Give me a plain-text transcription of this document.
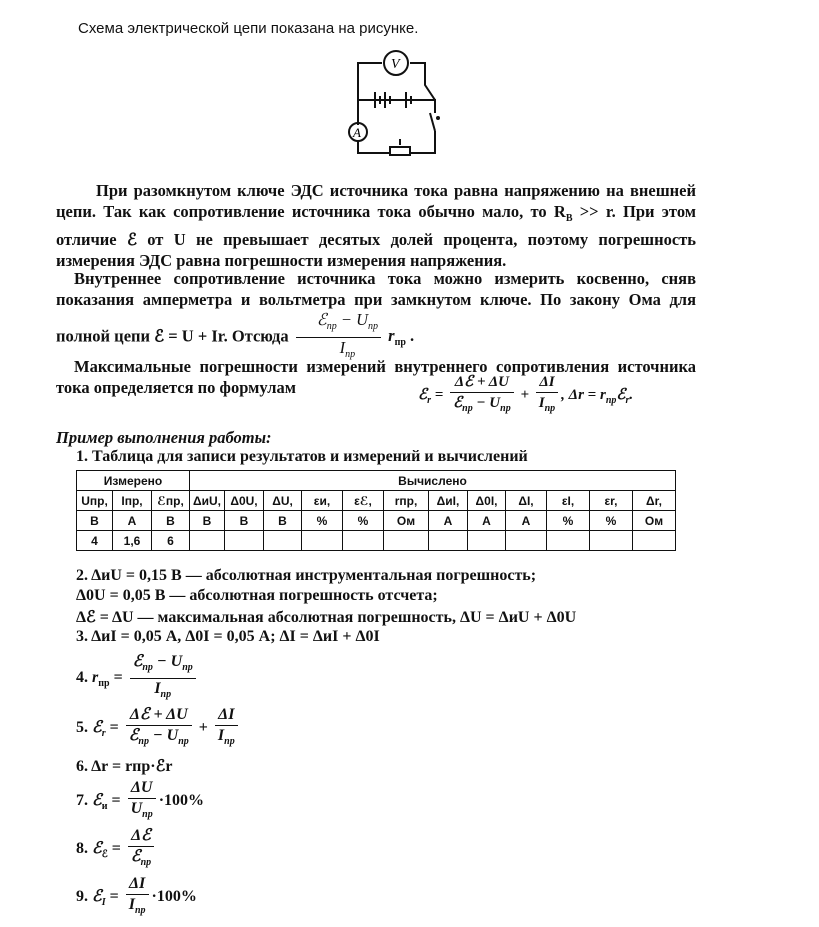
Схема электрической цепи показана на рисунке.
V
A
При разомкнутом ключе ЭДС источника тока равна напряжению на внешней цепи. Так как сопротивление источника тока обычно мало, то $R_В >> r$. При этом отличие ℰ от U не превышает десятых долей процента, поэтому погрешность измерения ЭДС равна погрешности измерения напряжения.
Внутреннее сопротивление источника тока можно измерить косвенно, сняв показания амперметра и вольтметра при замкнутом ключе. По закону Ома для полной цепи ℰ = U + Ir. Отсюда $\frac{ℰ_{пр} - U_{пр}}{I_{пр}} r_{пр}$ .
Максимальные погрешности измерений внутреннего сопротивления источника тока определяется по формулам	ℰ$_r$ = $\frac{\text{Δℰ + ΔU}}{ℰ_{пр} - U_{пр}} + \frac{\Delta I}{I_{пр}}$ , $\Delta r = r_{пр}ℰ_r$.
Пример выполнения работы:
1. Таблица для записи результатов и измерений и вычислений
Измерено			Вычислено											
Uпр,	Iпр,	ℰпр,	ΔиU,	Δ0U,	ΔU,	εи,	εℰ,	rпр,	ΔиI,	Δ0I,	ΔI,	εI,	εr,	Δr,
В	А	В	В	В	В	%	%	Ом	А	А	А	%	%	Ом
4	1,6	6												
2. ΔиU = 0,15 В — абсолютная инструментальная погрешность;
Δ0U = 0,05 В — абсолютная погрешность отсчета;
Δℰ = ΔU — максимальная абсолютная погрешность, ΔU = ΔиU + Δ0U
3. ΔиI = 0,05 А, Δ0I = 0,05 А; ΔI = ΔиI + Δ0I
4. $r_{пр} = \frac{ℰ_{пр} - U_{пр}}{I_{пр}}$
5. ℰ$_r$ = $\frac{\text{Δℰ + ΔU}}{ℰ_{пр} - U_{пр}} + \frac{\Delta I}{I_{пр}}$
6. Δr = rпр·ℰr
7. ℰ$_и$ = $\frac{\Delta U}{U_{пр}} \cdot 100\%$
8. ℰ$_ℰ$ = $\frac{\text{Δℰ}}{ℰ_{пр}}$
9. ℰ$_I$ = $\frac{\Delta I}{I_{пр}} \cdot 100\%$
